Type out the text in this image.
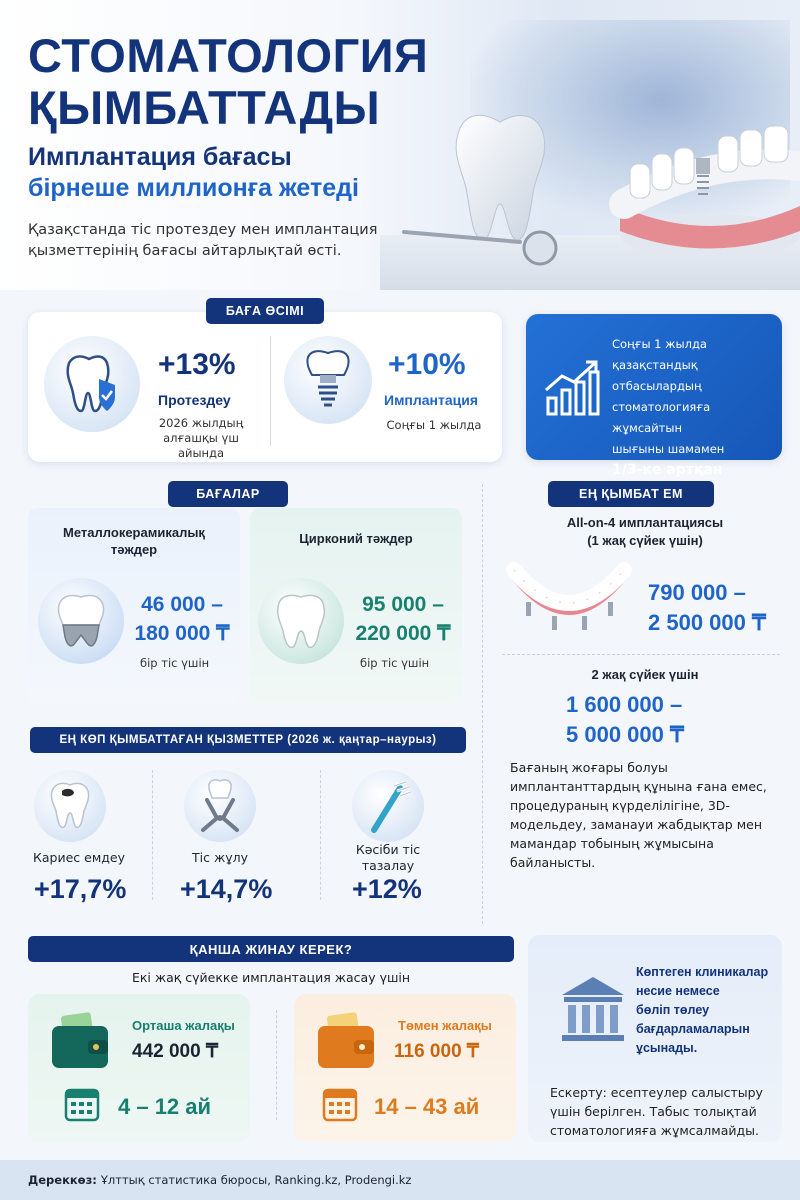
СТОМАТОЛОГИЯ
ҚЫМБАТТАДЫ
Имплантация бағасы
бірнеше миллионға жетеді
Қазақстанда тіс протездеу мен имплантация қызметтерінің бағасы айтарлықтай өсті.
БАҒА ӨСІМІ
+13%
Протездеу
2026 жылдың
алғашқы үш айында
+10%
Имплантация
Соңғы 1 жылда
Соңғы 1 жылда
қазақстандық отбасылардың
стоматологияға жұмсайтын
шығыны шамамен
1/3-ке артқан
БАҒАЛАР
Металлокерамикалық
тәждер
46 000 –
180 000 ₸
бір тіс үшін
Цирконий тәждер
95 000 –
220 000 ₸
бір тіс үшін
ЕҢ КӨП ҚЫМБАТТАҒАН ҚЫЗМЕТТЕР (2026 ж. қаңтар–наурыз)
Кариес емдеу
+17,7%
Тіс жұлу
+14,7%
Кәсіби тіс
тазалау
+12%
ЕҢ ҚЫМБАТ ЕМ
All-on-4 имплантациясы
(1 жақ сүйек үшін)
790 000 –
2 500 000 ₸
2 жақ сүйек үшін
1 600 000 –
5 000 000 ₸
Бағаның жоғары болуы имплантанттардың құнына ғана емес, процедураның күрделілігіне, 3D-модельдеу, заманауи жабдықтар мен мамандар тобының жұмысына байланысты.
ҚАНША ЖИНАУ КЕРЕК?
Екі жақ сүйекке имплантация жасау үшін
Орташа жалақы
442 000 ₸
4 – 12 ай
Төмен жалақы
116 000 ₸
14 – 43 ай
Көптеген клиникалар
несие немесе
бөліп төлеу
бағдарламаларын
ұсынады.
Ескерту: есептеулер салыстыру үшін берілген. Табыс толықтай стоматологияға жұмсалмайды.
Дереккөз: Ұлттық статистика бюросы, Ranking.kz, Prodengi.kz
